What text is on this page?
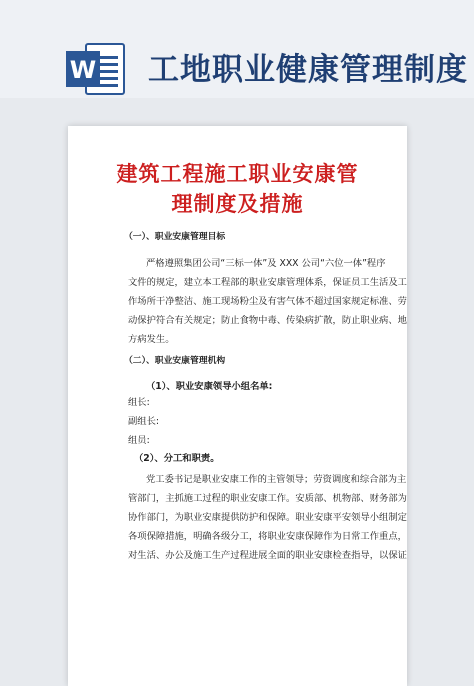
W 工地职业健康管理制度
建筑工程施工职业安康管
理制度及措施
（一）、职业安康管理目标
严格遵照集团公司“三标一体”及 XXX 公司“六位一体”程序
文件的规定，建立本工程部的职业安康管理体系，保证员工生活及工
作场所干净整洁、施工现场粉尘及有害气体不超过国家规定标准、劳
动保护符合有关规定；防止食物中毒、传染病扩散，防止职业病、地
方病发生。
（二）、职业安康管理机构
（1）、职业安康领导小组名单:
组长:
副组长:
组员:
（2）、分工和职责。
党工委书记是职业安康工作的主管领导；劳资调度和综合部为主
管部门，主抓施工过程的职业安康工作。安质部、机物部、财务部为
协作部门，为职业安康提供防护和保障。职业安康平安领导小组制定
各项保障措施，明确各级分工，将职业安康保障作为日常工作重点，
对生活、办公及施工生产过程进展全面的职业安康检查指导，以保证
